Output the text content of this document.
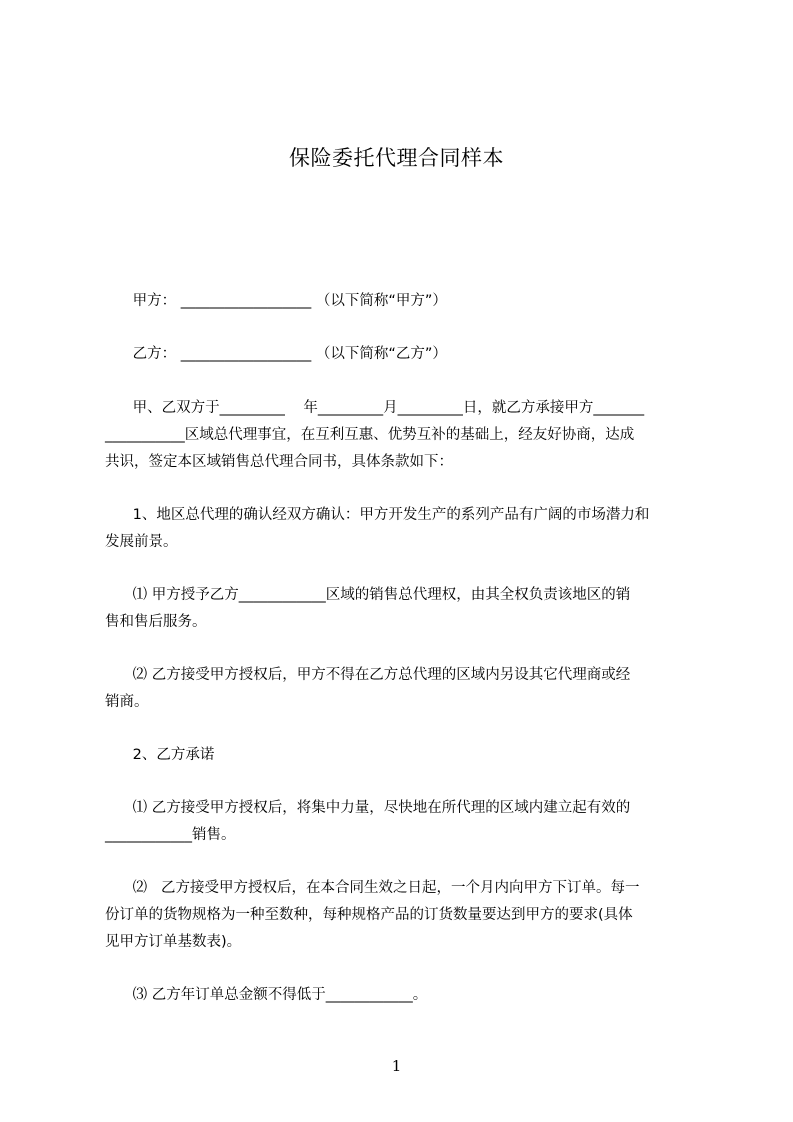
保险委托代理合同样本
甲方： __________________ （以下简称“甲方”）
乙方： __________________ （以下简称“乙方”）
甲、乙双方于_________    年_________月_________日，就乙方承接甲方_______
___________区域总代理事宜，在互利互惠、优势互补的基础上，经友好协商，达成
共识，签定本区域销售总代理合同书，具体条款如下：
1、地区总代理的确认经双方确认：甲方开发生产的系列产品有广阔的市场潜力和
发展前景。
⑴ 甲方授予乙方____________区域的销售总代理权，由其全权负责该地区的销
售和售后服务。
⑵ 乙方接受甲方授权后，甲方不得在乙方总代理的区域内另设其它代理商或经
销商。
2、乙方承诺
⑴ 乙方接受甲方授权后，将集中力量，尽快地在所代理的区域内建立起有效的
____________销售。
⑵   乙方接受甲方授权后，在本合同生效之日起，一个月内向甲方下订单。每一
份订单的货物规格为一种至数种，每种规格产品的订货数量要达到甲方的要求(具体
见甲方订单基数表)。
⑶ 乙方年订单总金额不得低于____________。
1
